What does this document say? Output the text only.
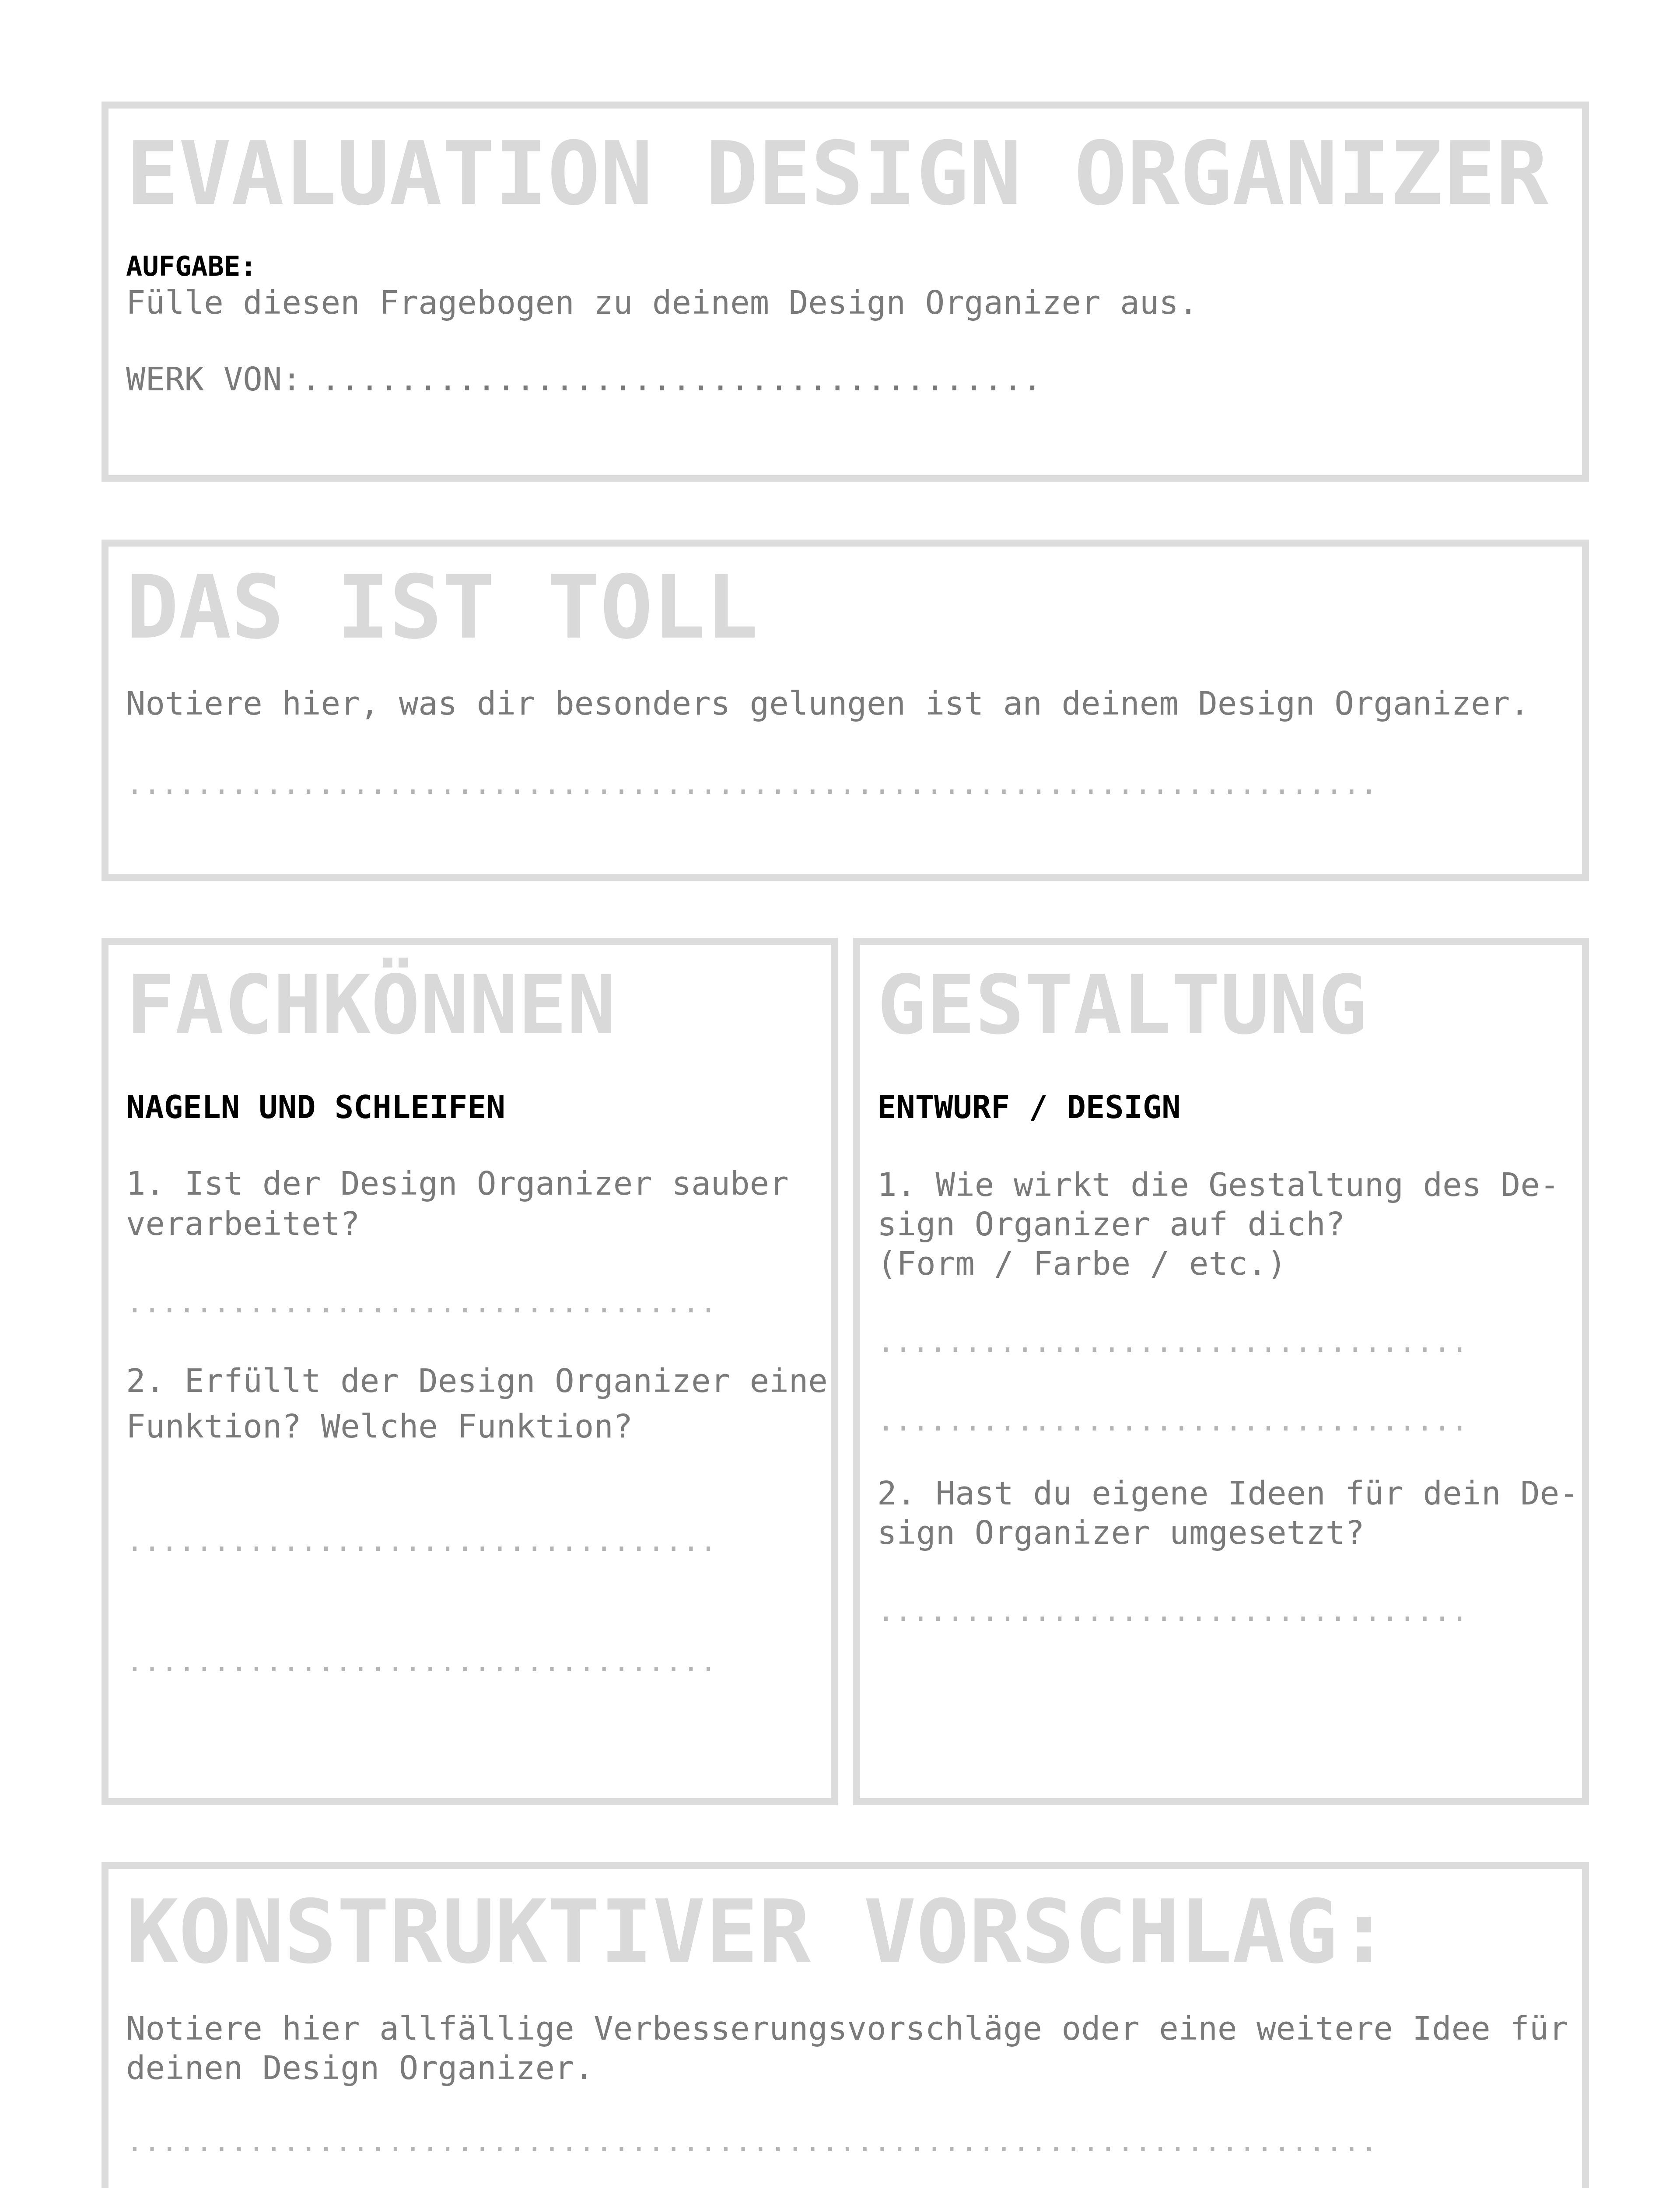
EVALUATION DESIGN ORGANIZER
AUFGABE:
Fülle diesen Fragebogen zu deinem Design Organizer aus.
WERK VON:......................................
DAS IST TOLL
Notiere hier, was dir besonders gelungen ist an deinem Design Organizer.
........................................................................
FACHKÖNNEN
NAGELN UND SCHLEIFEN
1. Ist der Design Organizer sauber verarbeitet?
..................................
2. Erfüllt der Design Organizer eine Funktion? Welche Funktion?
..................................
..................................
GESTALTUNG
ENTWURF / DESIGN
1. Wie wirkt die Gestaltung des De-
sign Organizer auf dich?
(Form / Farbe / etc.)
..................................
..................................
2. Hast du eigene Ideen für dein De-
sign Organizer umgesetzt?
..................................
KONSTRUKTIVER VORSCHLAG:
Notiere hier allfällige Verbesserungsvorschläge oder eine weitere Idee für deinen Design Organizer.
........................................................................
